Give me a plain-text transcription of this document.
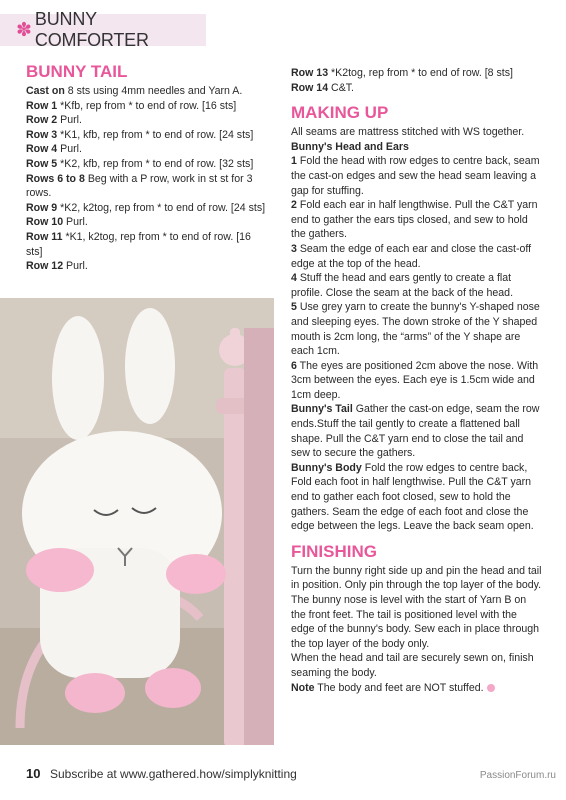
✽
BUNNY COMFORTER
BUNNY TAIL

Cast on 8 sts using 4mm needles and Yarn A.

Row 1 *Kfb, rep from * to end of row. [16 sts]

Row 2 Purl.

Row 3 *K1, kfb, rep from * to end of row. [24 sts]

Row 4 Purl.

Row 5 *K2, kfb, rep from * to end of row. [32 sts]

Rows 6 to 8 Beg with a P row, work in st st for 3 rows.

Row 9 *K2, k2tog, rep from * to end of row. [24 sts]

Row 10 Purl.

Row 11 *K1, k2tog, rep from * to end of row. [16 sts]

Row 12 Purl.

Row 13 *K2tog, rep from * to end of row. [8 sts]

Row 14 C&T.

MAKING UP

All seams are mattress stitched with WS together.

Bunny's Head and Ears

1 Fold the head with row edges to centre back, seam the cast-on edges and sew the head seam leaving a gap for stuffing.

2 Fold each ear in half lengthwise. Pull the C&T yarn end to gather the ears tips closed, and sew to hold the gathers.

3 Seam the edge of each ear and close the cast-off edge at the top of the head.

4 Stuff the head and ears gently to create a flat profile. Close the seam at the back of the head.

5 Use grey yarn to create the bunny's Y-shaped nose and sleeping eyes. The down stroke of the Y shaped mouth is 2cm long, the “arms” of the Y shape are each 1cm.

6 The eyes are positioned 2cm above the nose. With 3cm between the eyes. Each eye is 1.5cm wide and 1cm deep.

Bunny's Tail Gather the cast-on edge, seam the row ends.Stuff the tail gently to create a flattened ball shape. Pull the C&T yarn end to close the tail and sew to secure the gathers.

Bunny's Body Fold the row edges to centre back, Fold each foot in half lengthwise. Pull the C&T yarn end to gather each foot closed, sew to hold the gathers. Seam the edge of each foot and close the edge between the legs. Leave the back seam open.

FINISHING

Turn the bunny right side up and pin the head and tail in position. Only pin through the top layer of the body. The bunny nose is level with the start of Yarn B on the front feet. The tail is positioned level with the edge of the bunny's body. Sew each in place through the top layer of the body only.

When the head and tail are securely sewn on, finish seaming the body.

Note The body and feet are NOT stuffed.

10 Subscribe at www.gathered.how/simplyknitting	PassionForum.ru
